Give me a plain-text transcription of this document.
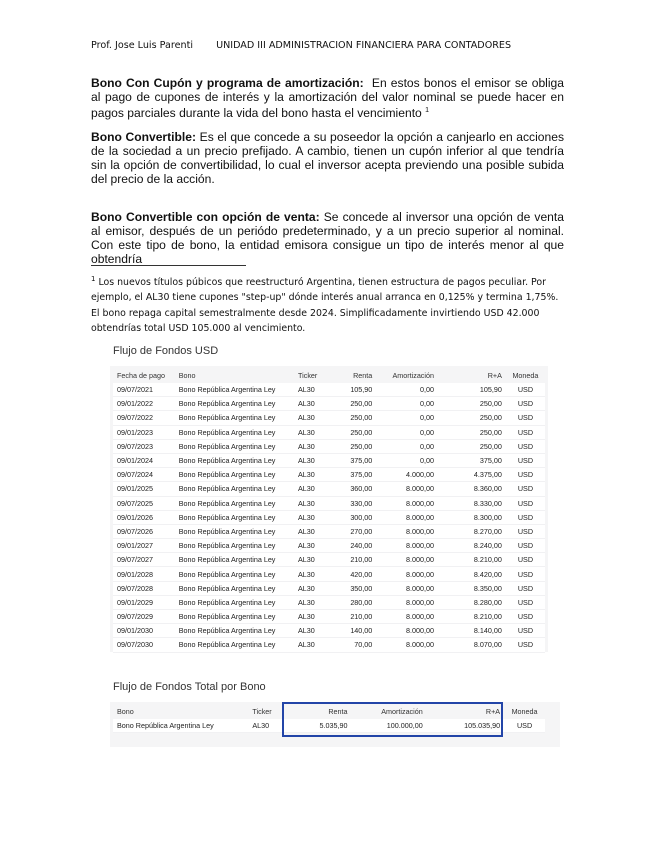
Prof. Jose Luis Parenti UNIDAD III ADMINISTRACION FINANCIERA PARA CONTADORES
Bono Con Cupón y programa de amortización: En estos bonos el emisor se obliga al pago de cupones de interés y la amortización del valor nominal se puede hacer en pagos parciales durante la vida del bono hasta el vencimiento $^1$
Bono Convertible: Es el que concede a su poseedor la opción a canjearlo en acciones de la sociedad a un precio prefijado. A cambio, tienen un cupón inferior al que tendría sin la opción de convertibilidad, lo cual el inversor acepta previendo una posible subida del precio de la acción.
Bono Convertible con opción de venta: Se concede al inversor una opción de venta al emisor, después de un periódo predeterminado, y a un precio superior al nominal. Con este tipo de bono, la entidad emisora consigue un tipo de interés menor al que obtendría
$^1$ Los nuevos títulos púbicos que reestructuró Argentina, tienen estructura de pagos peculiar. Por ejemplo, el AL30 tiene cupones "step-up" dónde interés anual arranca en 0,125% y termina 1,75%. El bono repaga capital semestralmente desde 2024. Simplificadamente invirtiendo USD 42.000 obtendrías total USD 105.000 al vencimiento.
Flujo de Fondos USD
Fecha de pago	Bono	Ticker	Renta	Amortización	R+A	Moneda
09/07/2021	Bono República Argentina Ley	AL30	105,90	0,00	105,90	USD
09/01/2022	Bono República Argentina Ley	AL30	250,00	0,00	250,00	USD
09/07/2022	Bono República Argentina Ley	AL30	250,00	0,00	250,00	USD
09/01/2023	Bono República Argentina Ley	AL30	250,00	0,00	250,00	USD
09/07/2023	Bono República Argentina Ley	AL30	250,00	0,00	250,00	USD
09/01/2024	Bono República Argentina Ley	AL30	375,00	0,00	375,00	USD
09/07/2024	Bono República Argentina Ley	AL30	375,00	4.000,00	4.375,00	USD
09/01/2025	Bono República Argentina Ley	AL30	360,00	8.000,00	8.360,00	USD
09/07/2025	Bono República Argentina Ley	AL30	330,00	8.000,00	8.330,00	USD
09/01/2026	Bono República Argentina Ley	AL30	300,00	8.000,00	8.300,00	USD
09/07/2026	Bono República Argentina Ley	AL30	270,00	8.000,00	8.270,00	USD
09/01/2027	Bono República Argentina Ley	AL30	240,00	8.000,00	8.240,00	USD
09/07/2027	Bono República Argentina Ley	AL30	210,00	8.000,00	8.210,00	USD
09/01/2028	Bono República Argentina Ley	AL30	420,00	8.000,00	8.420,00	USD
09/07/2028	Bono República Argentina Ley	AL30	350,00	8.000,00	8.350,00	USD
09/01/2029	Bono República Argentina Ley	AL30	280,00	8.000,00	8.280,00	USD
09/07/2029	Bono República Argentina Ley	AL30	210,00	8.000,00	8.210,00	USD
09/01/2030	Bono República Argentina Ley	AL30	140,00	8.000,00	8.140,00	USD
09/07/2030	Bono República Argentina Ley	AL30	70,00	8.000,00	8.070,00	USD
Flujo de Fondos Total por Bono
Bono	Ticker	Renta	Amortización	R+A	Moneda
Bono República Argentina Ley	AL30	5.035,90	100.000,00	105.035,90	USD
